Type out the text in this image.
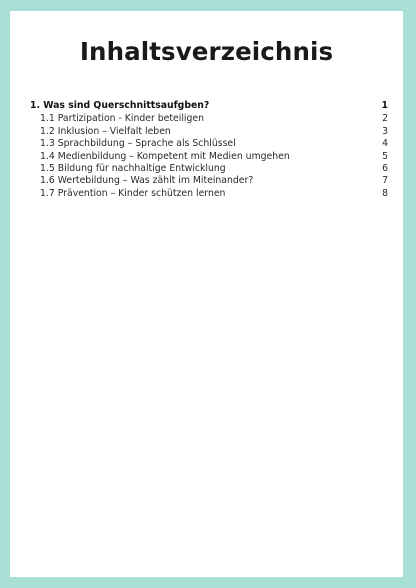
Inhaltsverzeichnis
1. Was sind Querschnittsaufgben?	1
1.1 Partizipation - Kinder beteiligen	2
1.2 Inklusion – Vielfalt leben	3
1.3 Sprachbildung – Sprache als Schlüssel	4
1.4 Medienbildung – Kompetent mit Medien umgehen	5
1.5 Bildung für nachhaltige Entwicklung	6
1.6 Wertebildung – Was zählt im Miteinander?	7
1.7 Prävention – Kinder schützen lernen	8
